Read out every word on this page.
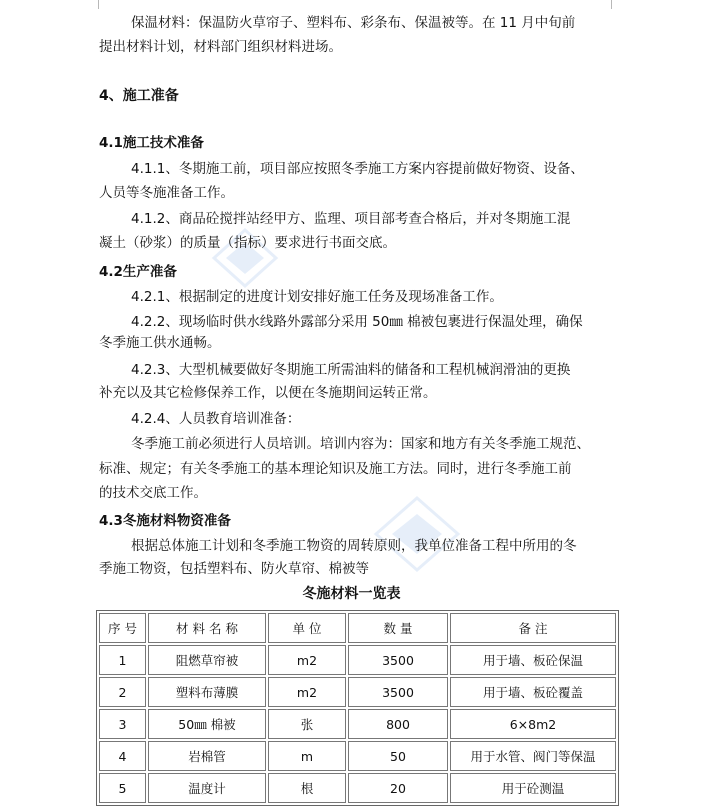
保温材料：保温防火草帘子、塑料布、彩条布、保温被等。在 11 月中旬前
提出材料计划，材料部门组织材料进场。
4、施工准备
4.1施工技术准备
4.1.1、冬期施工前，项目部应按照冬季施工方案内容提前做好物资、设备、
人员等冬施准备工作。
4.1.2、商品砼搅拌站经甲方、监理、项目部考查合格后，并对冬期施工混
凝土（砂浆）的质量（指标）要求进行书面交底。
4.2生产准备
4.2.1、根据制定的进度计划安排好施工任务及现场准备工作。
4.2.2、现场临时供水线路外露部分采用 50㎜ 棉被包裹进行保温处理，确保
冬季施工供水通畅。
4.2.3、大型机械要做好冬期施工所需油料的储备和工程机械润滑油的更换
补充以及其它检修保养工作，以便在冬施期间运转正常。
4.2.4、人员教育培训准备：
冬季施工前必须进行人员培训。培训内容为：国家和地方有关冬季施工规范、
标准、规定；有关冬季施工的基本理论知识及施工方法。同时，进行冬季施工前
的技术交底工作。
4.3冬施材料物资准备
根据总体施工计划和冬季施工物资的周转原则，我单位准备工程中所用的冬
季施工物资，包括塑料布、防火草帘、棉被等
冬施材料一览表
序 号	材 料 名 称	单 位	数 量	备 注
1	阻燃草帘被	m2	3500	用于墙、板砼保温
2	塑料布薄膜	m2	3500	用于墙、板砼覆盖
3	50㎜ 棉被	张	800	6×8m2
4	岩棉管	m	50	用于水管、阀门等保温
5	温度计	根	20	用于砼测温
